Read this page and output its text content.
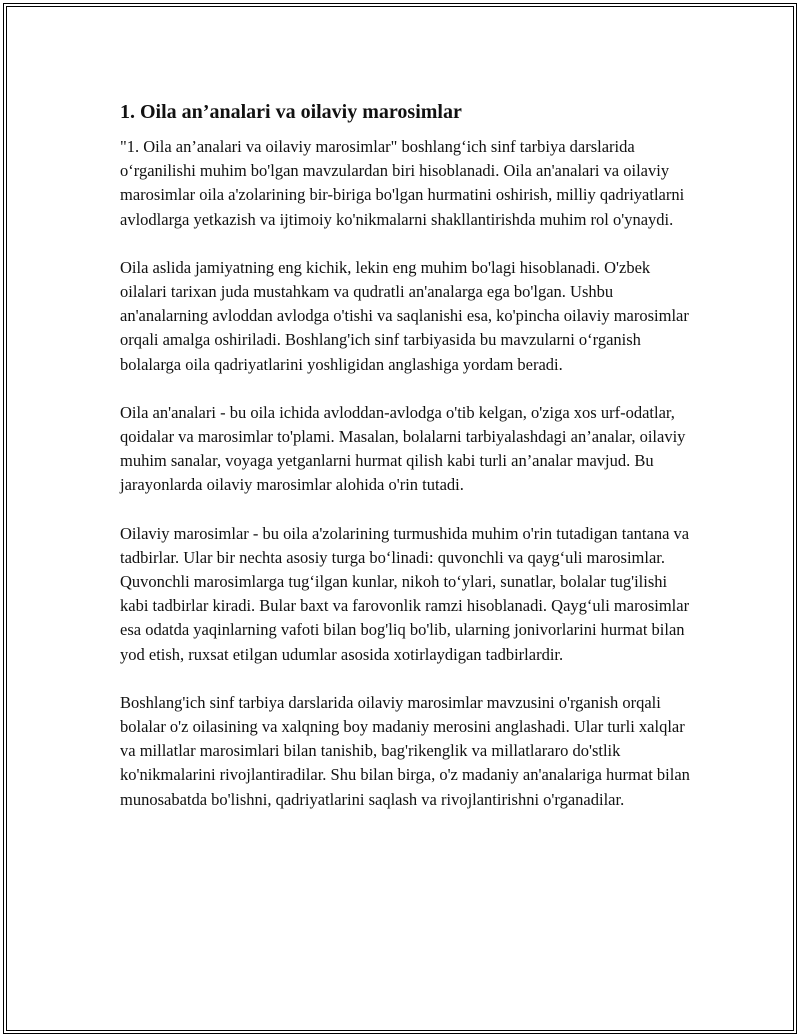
1. Oila an’analari va oilaviy marosimlar

"1. Oila an’analari va oilaviy marosimlar" boshlang‘ich sinf tarbiya darslarida o‘rganilishi muhim bo'lgan mavzulardan biri hisoblanadi. Oila an'analari va oilaviy marosimlar oila a'zolarining bir-biriga bo'lgan hurmatini oshirish, milliy qadriyatlarni avlodlarga yetkazish va ijtimoiy ko'nikmalarni shakllantirishda muhim rol o'ynaydi.

Oila aslida jamiyatning eng kichik, lekin eng muhim bo'lagi hisoblanadi. O'zbek oilalari tarixan juda mustahkam va qudratli an'analarga ega bo'lgan. Ushbu an'analarning avloddan avlodga o'tishi va saqlanishi esa, ko'pincha oilaviy marosimlar orqali amalga oshiriladi. Boshlang'ich sinf tarbiyasida bu mavzularni o‘rganish bolalarga oila qadriyatlarini yoshligidan anglashiga yordam beradi.

Oila an'analari - bu oila ichida avloddan-avlodga o'tib kelgan, o'ziga xos urf-odatlar, qoidalar va marosimlar to'plami. Masalan, bolalarni tarbiyalashdagi an’analar, oilaviy muhim sanalar, voyaga yetganlarni hurmat qilish kabi turli an’analar mavjud. Bu jarayonlarda oilaviy marosimlar alohida o'rin tutadi.

Oilaviy marosimlar - bu oila a'zolarining turmushida muhim o'rin tutadigan tantana va tadbirlar. Ular bir nechta asosiy turga bo‘linadi: quvonchli va qayg‘uli marosimlar. Quvonchli marosimlarga tug‘ilgan kunlar, nikoh to‘ylari, sunatlar, bolalar tug'ilishi kabi tadbirlar kiradi. Bular baxt va farovonlik ramzi hisoblanadi. Qayg‘uli marosimlar esa odatda yaqinlarning vafoti bilan bog'liq bo'lib, ularning jonivorlarini hurmat bilan yod etish, ruxsat etilgan udumlar asosida xotirlaydigan tadbirlardir.

Boshlang'ich sinf tarbiya darslarida oilaviy marosimlar mavzusini o'rganish orqali bolalar o'z oilasining va xalqning boy madaniy merosini anglashadi. Ular turli xalqlar va millatlar marosimlari bilan tanishib, bag'rikenglik va millatlararo do'stlik ko'nikmalarini rivojlantiradilar. Shu bilan birga, o'z madaniy an'analariga hurmat bilan munosabatda bo'lishni, qadriyatlarini saqlash va rivojlantirishni o'rganadilar.
